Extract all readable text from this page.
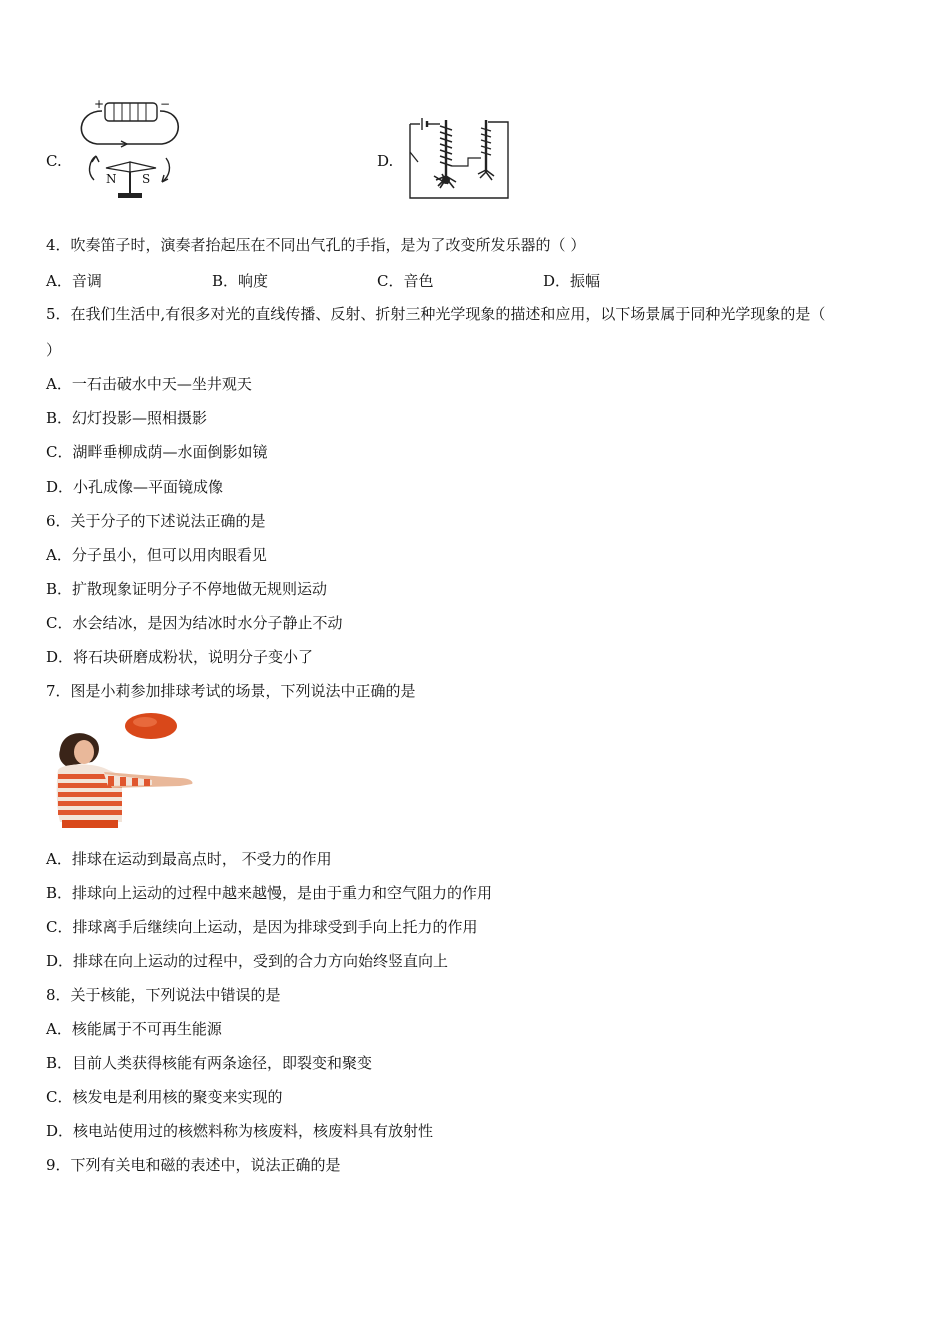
C.
+	−
N S
D.
4．吹奏笛子时，演奏者抬起压在不同出气孔的手指，是为了改变所发乐器的（ ）
A．音调	B．响度	C．音色	D．振幅
5．在我们生活中,有很多对光的直线传播、反射、折射三种光学现象的描述和应用，以下场景属于同种光学现象的是（
）
A．一石击破水中天—坐井观天
B．幻灯投影—照相摄影
C．湖畔垂柳成荫—水面倒影如镜
D．小孔成像—平面镜成像
6．关于分子的下述说法正确的是
A．分子虽小，但可以用肉眼看见
B．扩散现象证明分子不停地做无规则运动
C．水会结冰，是因为结冰时水分子静止不动
D．将石块研磨成粉状，说明分子变小了
7．图是小莉参加排球考试的场景，下列说法中正确的是
A．排球在运动到最高点时， 不受力的作用
B．排球向上运动的过程中越来越慢，是由于重力和空气阻力的作用
C．排球离手后继续向上运动，是因为排球受到手向上托力的作用
D．排球在向上运动的过程中，受到的合力方向始终竖直向上
8．关于核能，下列说法中错误的是
A．核能属于不可再生能源
B．目前人类获得核能有两条途径，即裂变和聚变
C．核发电是利用核的聚变来实现的
D．核电站使用过的核燃料称为核废料，核废料具有放射性
9．下列有关电和磁的表述中，说法正确的是
